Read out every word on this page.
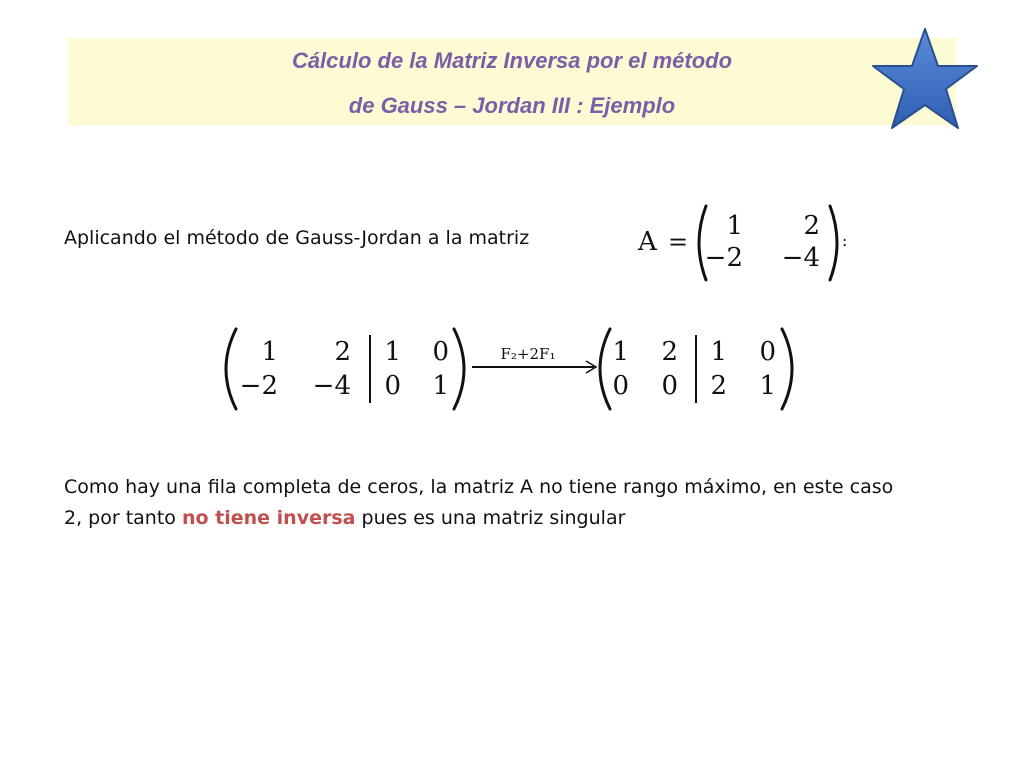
Cálculo de la Matriz Inversa por el método
de Gauss – Jordan III : Ejemplo
Aplicando el método de Gauss-Jordan a la matriz	A =
1 2
−2 −4
:
1 2
−2 −4
1 0
0 1
F₂+2F₁ 1 2
0 0
1 0
2 1
Como hay una fila completa de ceros, la matriz A no tiene rango máximo, en este caso
2, por tanto no tiene inversa pues es una matriz singular
